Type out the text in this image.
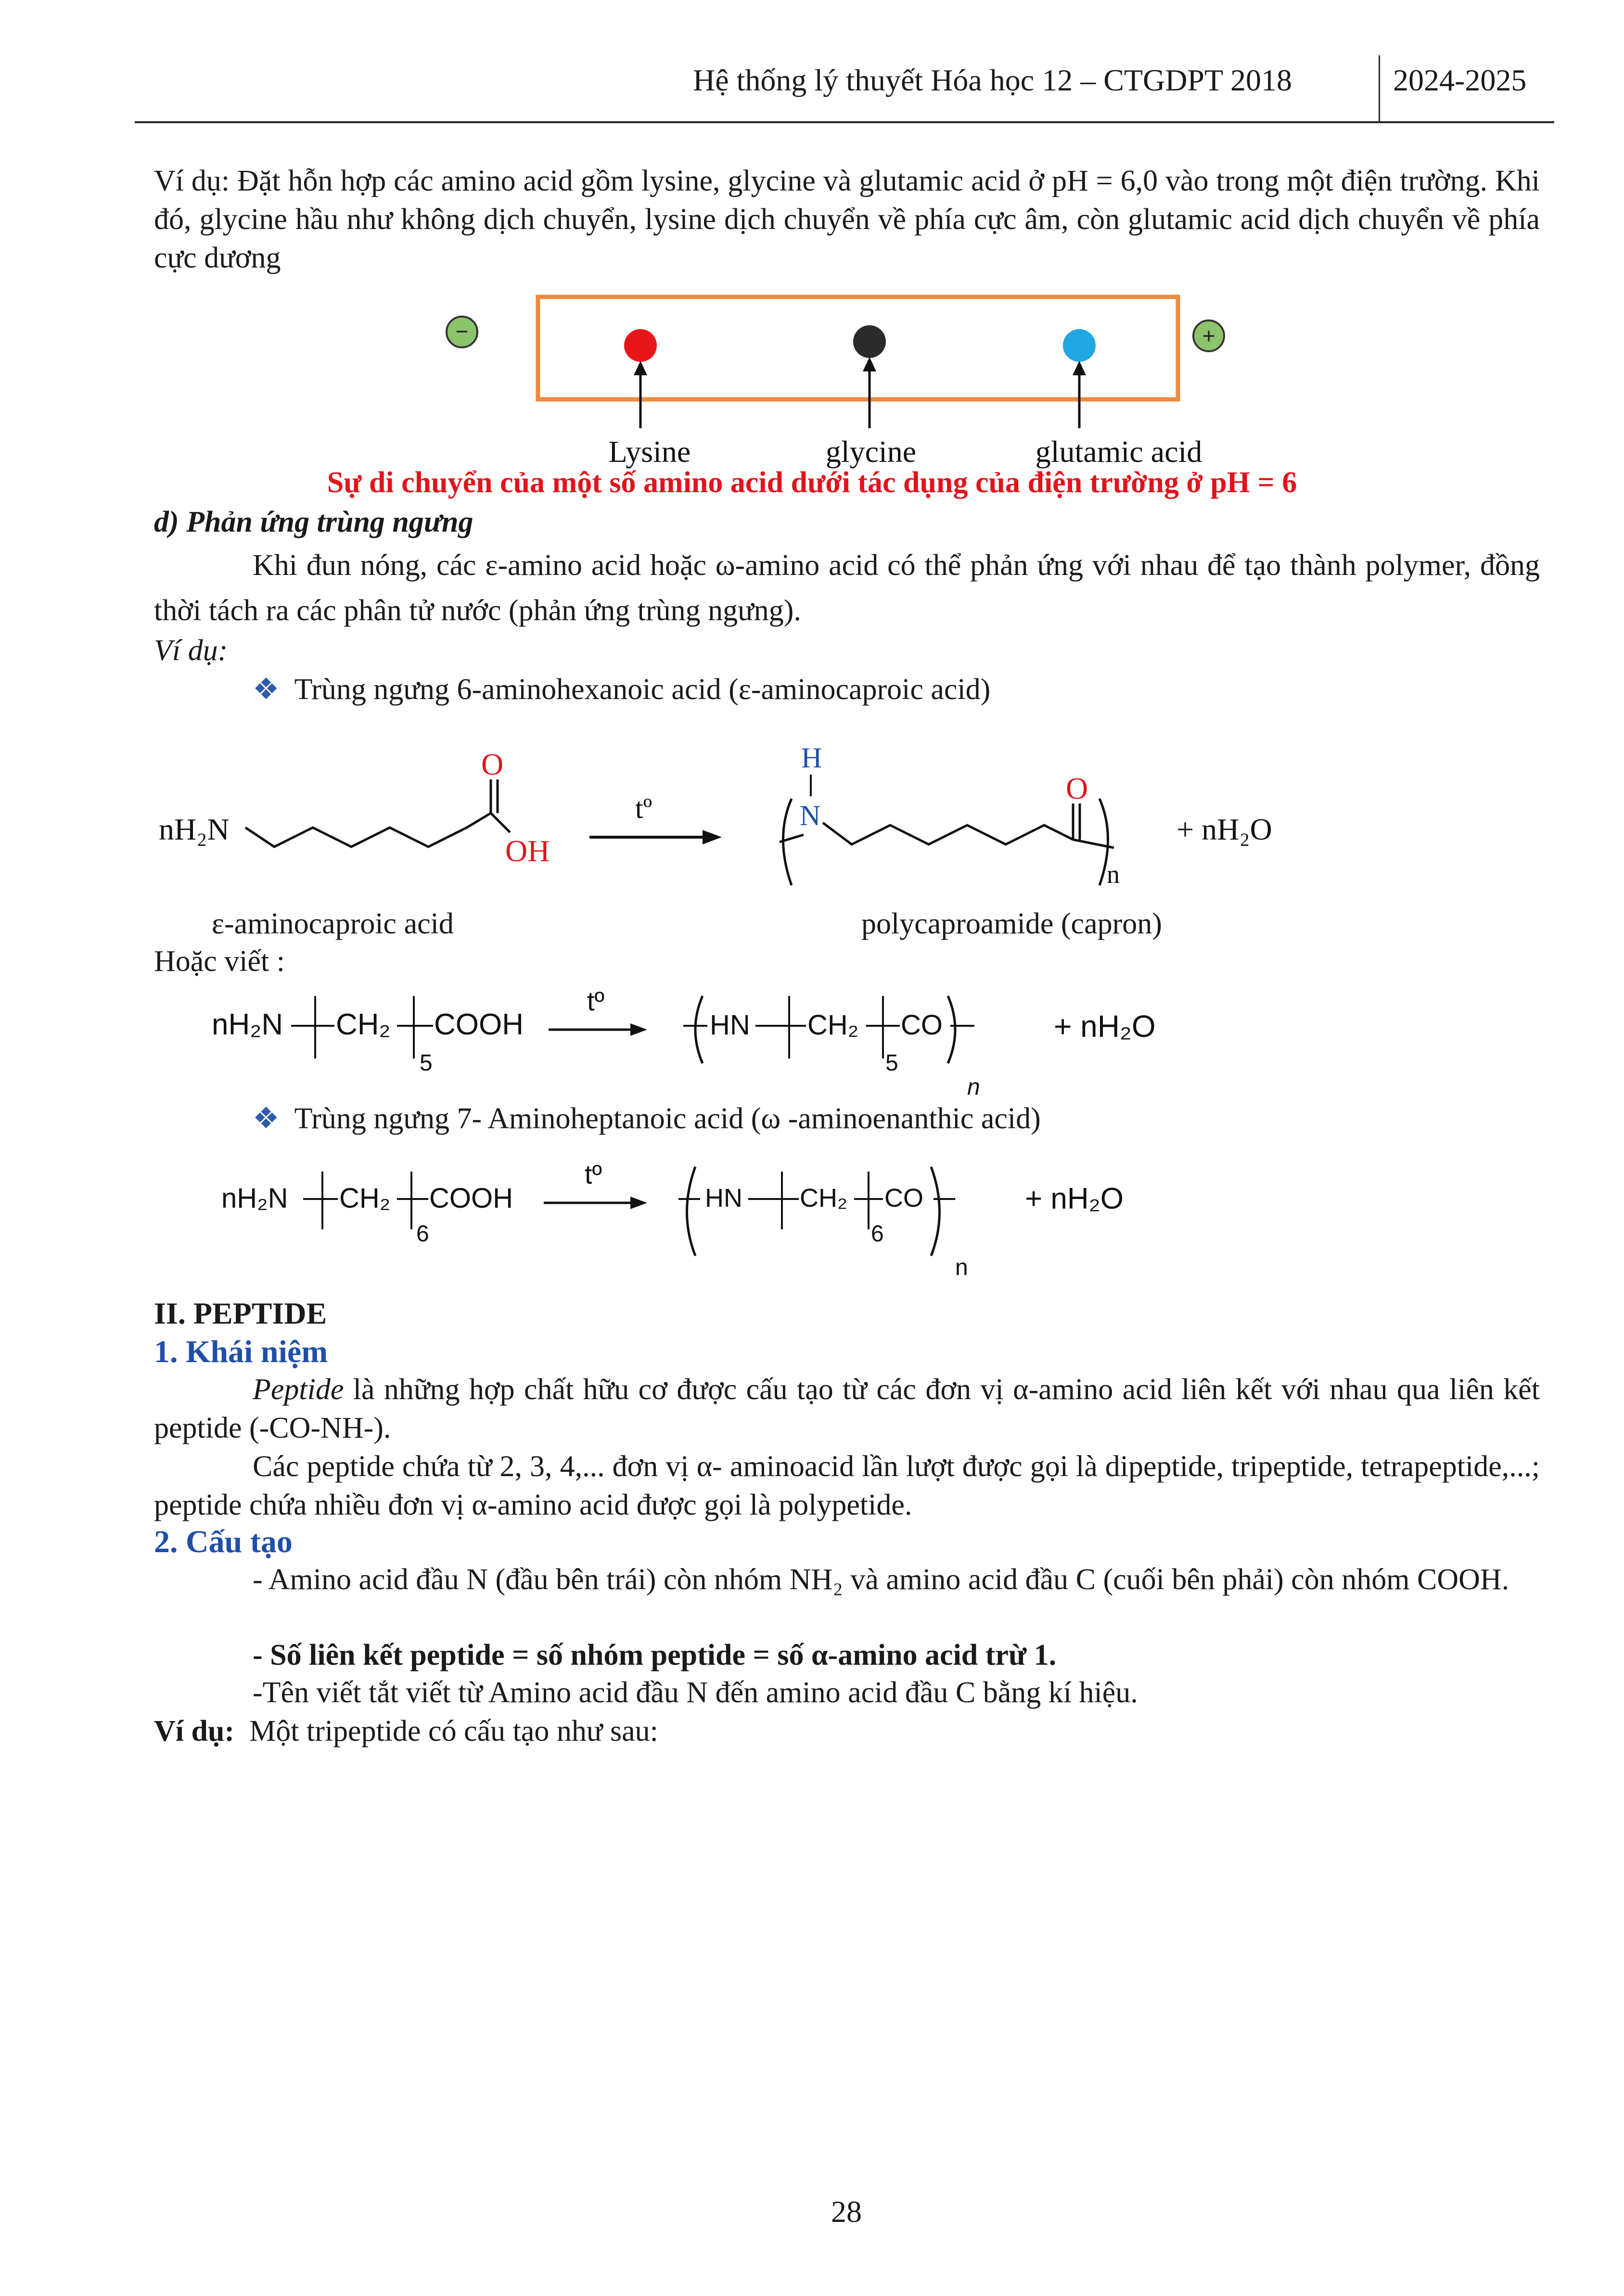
Hệ thống lý thuyết Hóa học 12 – CTGDPT 2018	2024-2025
Ví dụ: Đặt hỗn hợp các amino acid gồm lysine, glycine và glutamic acid ở pH = 6,0 vào trong một điện trường. Khi đó, glycine hầu như không dịch chuyển, lysine dịch chuyển về phía cực âm, còn glutamic acid dịch chuyển về phía cực dương
−	+
Lysine	glycine	glutamic acid
Sự di chuyển của một số amino acid dưới tác dụng của điện trường ở pH = 6
d) Phản ứng trùng ngưng
Khi đun nóng, các ε-amino acid hoặc ω-amino acid có thể phản ứng với nhau để tạo thành polymer, đồng thời tách ra các phân tử nước (phản ứng trùng ngưng).
Ví dụ:
❖ Trùng ngưng 6-aminohexanoic acid (ε-aminocaproic acid)
nH₂N
O
OH
tº
H
N
O
n
+ nH₂O
ε-aminocaproic acid	polycaproamide (capron)
Hoặc viết :
nH₂N CH₂
5
COOH
tº
HN CH₂
5
CO
n
+ nH₂O
❖ Trùng ngưng 7- Aminoheptanoic acid (ω -aminoenanthic acid)
nH₂N CH₂
6
COOH
tº
HN CH₂
6
CO
n
+ nH₂O
II. PEPTIDE
1. Khái niệm
Peptide là những hợp chất hữu cơ được cấu tạo từ các đơn vị α-amino acid liên kết với nhau qua liên kết peptide (-CO-NH-).
Các peptide chứa từ 2, 3, 4,... đơn vị α- aminoacid lần lượt được gọi là dipeptide, tripeptide, tetrapeptide,...; peptide chứa nhiều đơn vị α-amino acid được gọi là polypetide.
2. Cấu tạo
- Amino acid đầu N (đầu bên trái) còn nhóm NH₂ và amino acid đầu C (cuối bên phải) còn nhóm COOH.
- Số liên kết peptide = số nhóm peptide = số α-amino acid trừ 1.
-Tên viết tắt viết từ Amino acid đầu N đến amino acid đầu C bằng kí hiệu.
Ví dụ: Một tripeptide có cấu tạo như sau:
28
